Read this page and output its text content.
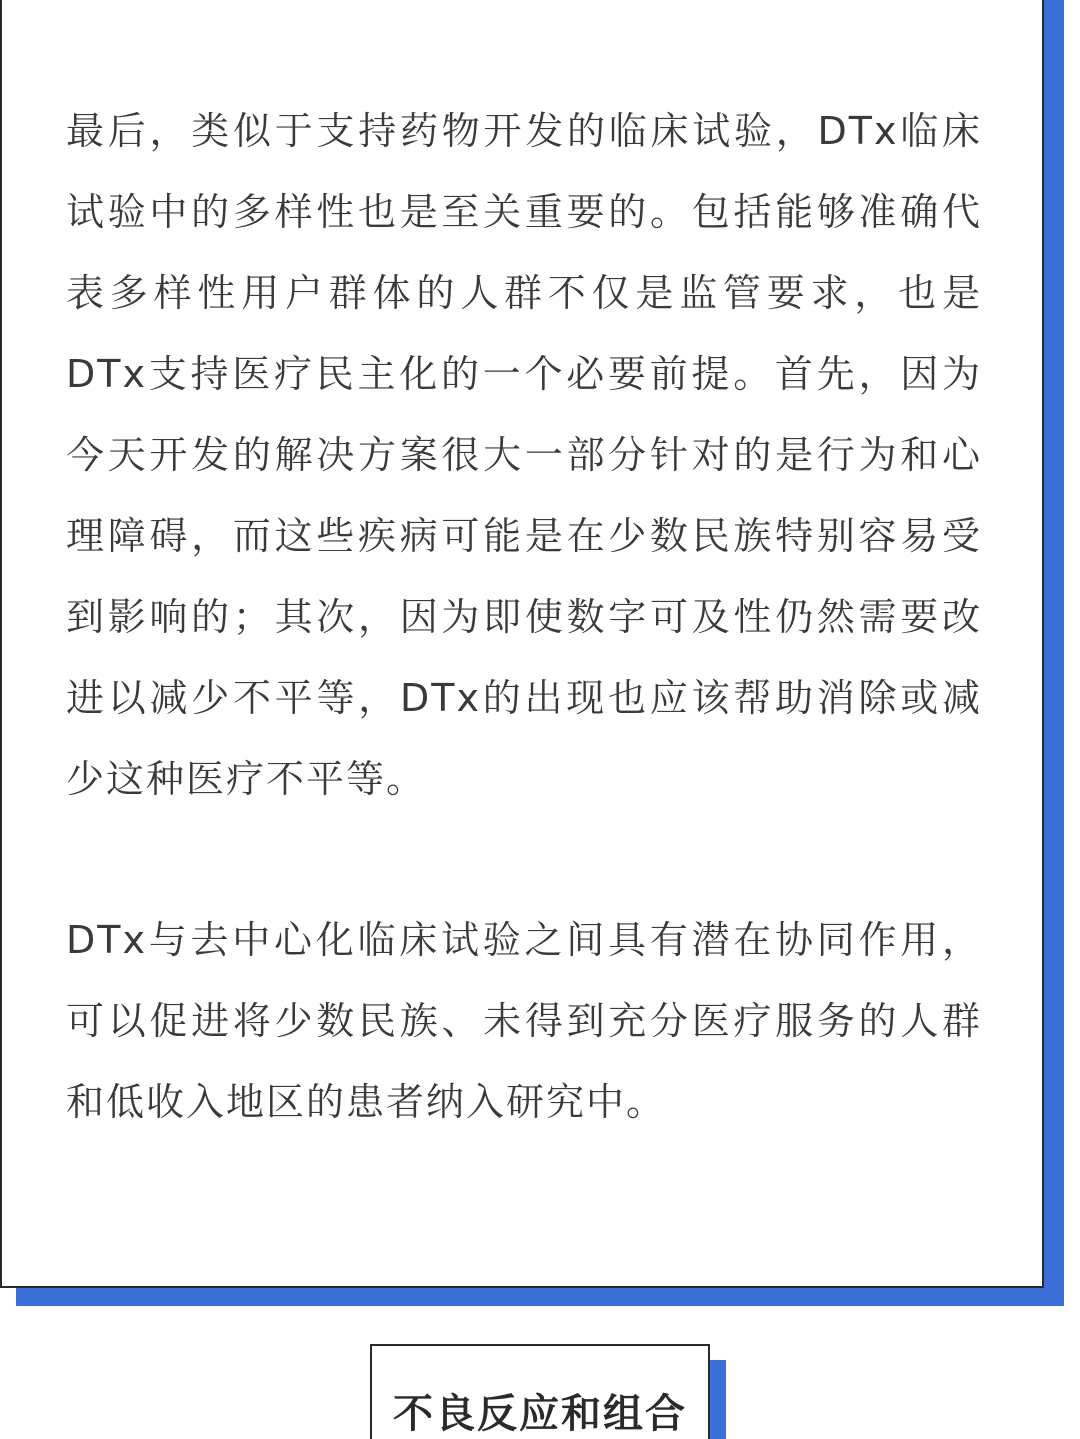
最后，类似于支持药物开发的临床试验，DTx临床试验中的多样性也是至关重要的。包括能够准确代表多样性用户群体的人群不仅是监管要求，也是DTx支持医疗民主化的一个必要前提。首先，因为今天开发的解决方案很大一部分针对的是行为和心理障碍，而这些疾病可能是在少数民族特别容易受到影响的；其次，因为即使数字可及性仍然需要改进以减少不平等，DTx的出现也应该帮助消除或减少这种医疗不平等。

DTx与去中心化临床试验之间具有潜在协同作用，可以促进将少数民族、未得到充分医疗服务的人群和低收入地区的患者纳入研究中。

不良反应和组合
